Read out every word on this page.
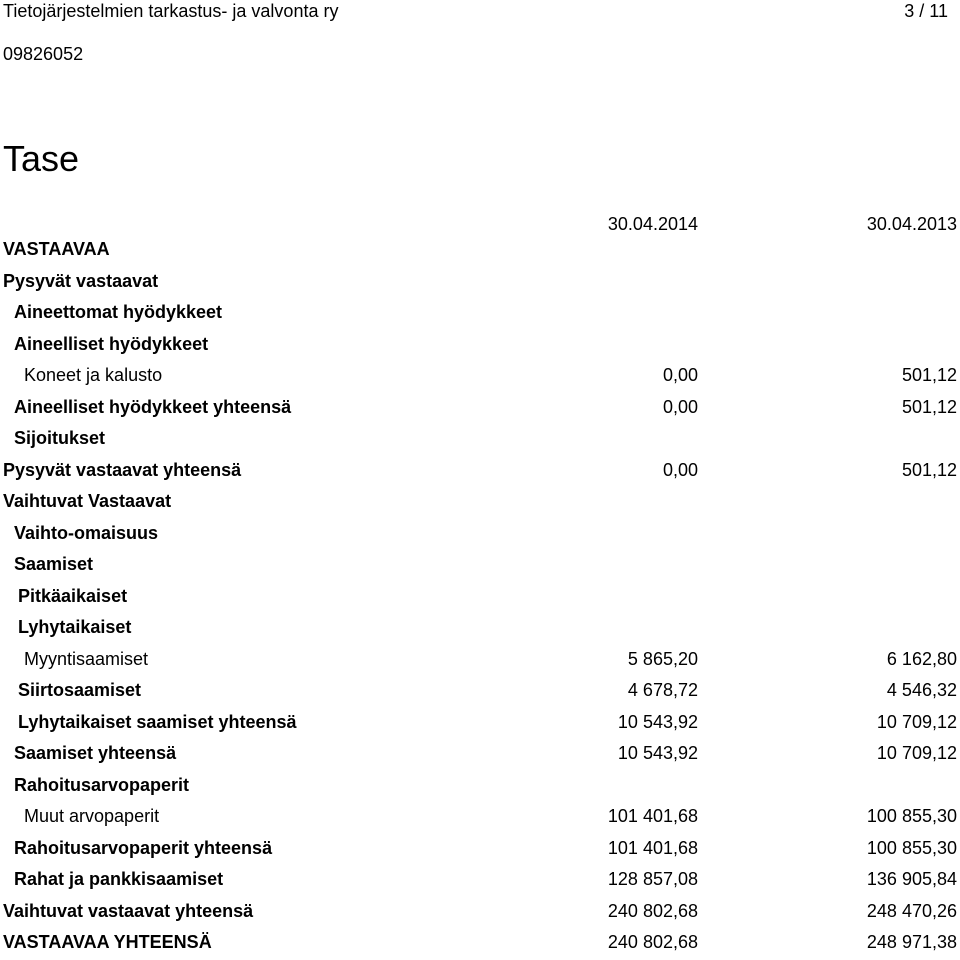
Tietojärjestelmien tarkastus- ja valvonta ry	3 / 11
09826052
Tase
30.04.2014	30.04.2013
VASTAAVAA
Pysyvät vastaavat
Aineettomat hyödykkeet
Aineelliset hyödykkeet
Koneet ja kalusto	0,00	501,12
Aineelliset hyödykkeet yhteensä	0,00	501,12
Sijoitukset
Pysyvät vastaavat yhteensä	0,00	501,12
Vaihtuvat Vastaavat
Vaihto-omaisuus
Saamiset
Pitkäaikaiset
Lyhytaikaiset
Myyntisaamiset	5 865,20	6 162,80
Siirtosaamiset	4 678,72	4 546,32
Lyhytaikaiset saamiset yhteensä	10 543,92	10 709,12
Saamiset yhteensä	10 543,92	10 709,12
Rahoitusarvopaperit
Muut arvopaperit	101 401,68	100 855,30
Rahoitusarvopaperit yhteensä	101 401,68	100 855,30
Rahat ja pankkisaamiset	128 857,08	136 905,84
Vaihtuvat vastaavat yhteensä	240 802,68	248 470,26
VASTAAVAA YHTEENSÄ	240 802,68	248 971,38
